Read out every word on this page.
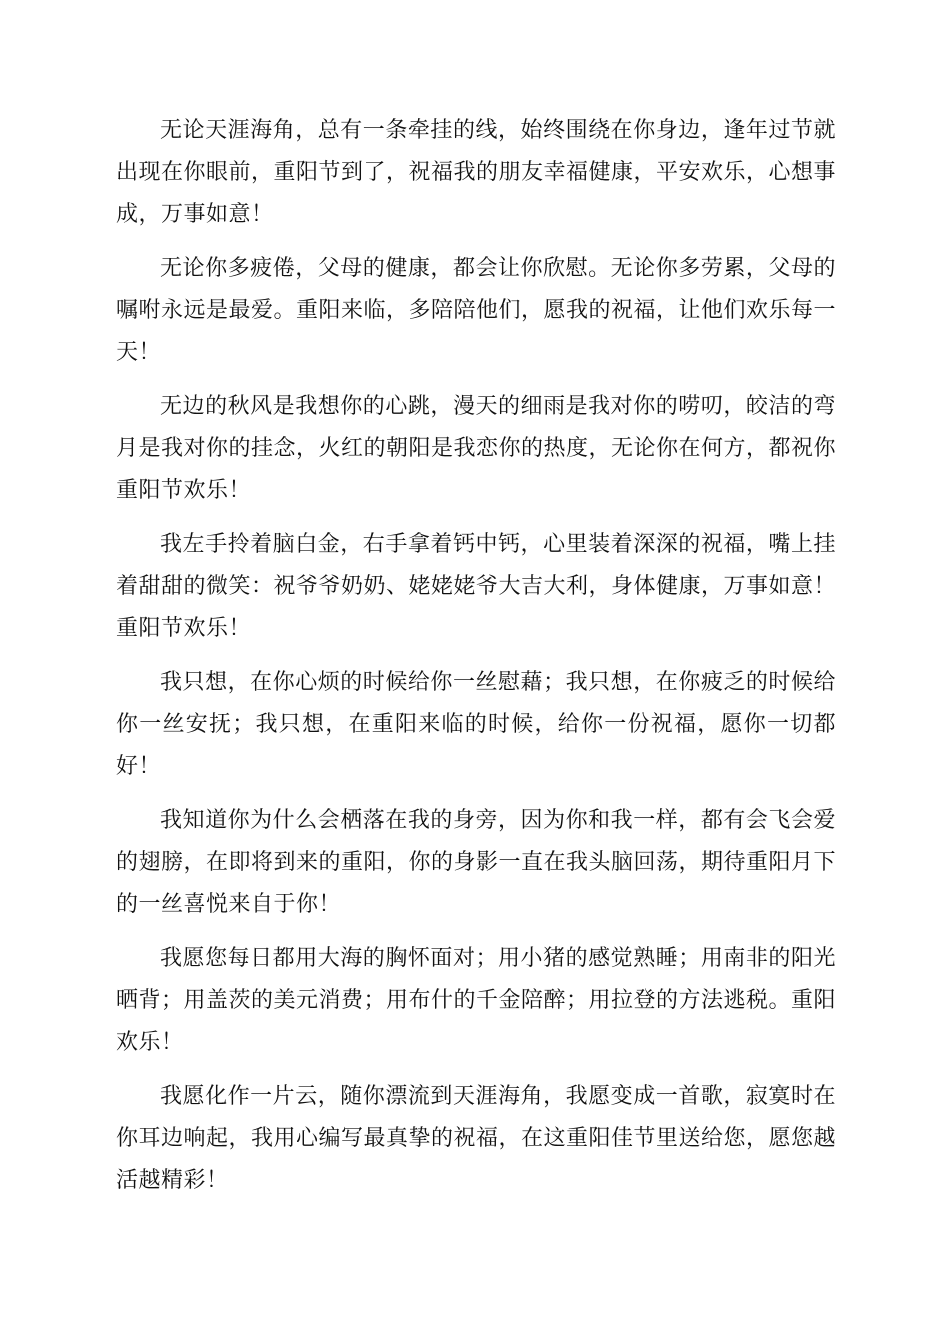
无论天涯海角，总有一条牵挂的线，始终围绕在你身边，逢年过节就出现在你眼前，重阳节到了，祝福我的朋友幸福健康，平安欢乐，心想事成，万事如意！

无论你多疲倦，父母的健康，都会让你欣慰。无论你多劳累，父母的嘱咐永远是最爱。重阳来临，多陪陪他们，愿我的祝福，让他们欢乐每一天！

无边的秋风是我想你的心跳，漫天的细雨是我对你的唠叨，皎洁的弯月是我对你的挂念，火红的朝阳是我恋你的热度，无论你在何方，都祝你重阳节欢乐！

我左手拎着脑白金，右手拿着钙中钙，心里装着深深的祝福，嘴上挂着甜甜的微笑：祝爷爷奶奶、姥姥姥爷大吉大利，身体健康，万事如意！重阳节欢乐！

我只想，在你心烦的时候给你一丝慰藉；我只想，在你疲乏的时候给你一丝安抚；我只想，在重阳来临的时候，给你一份祝福，愿你一切都好！

我知道你为什么会栖落在我的身旁，因为你和我一样，都有会飞会爱的翅膀，在即将到来的重阳，你的身影一直在我头脑回荡，期待重阳月下的一丝喜悦来自于你！

我愿您每日都用大海的胸怀面对；用小猪的感觉熟睡；用南非的阳光晒背；用盖茨的美元消费；用布什的千金陪醉；用拉登的方法逃税。重阳欢乐！

我愿化作一片云，随你漂流到天涯海角，我愿变成一首歌，寂寞时在你耳边响起，我用心编写最真挚的祝福，在这重阳佳节里送给您，愿您越活越精彩！
